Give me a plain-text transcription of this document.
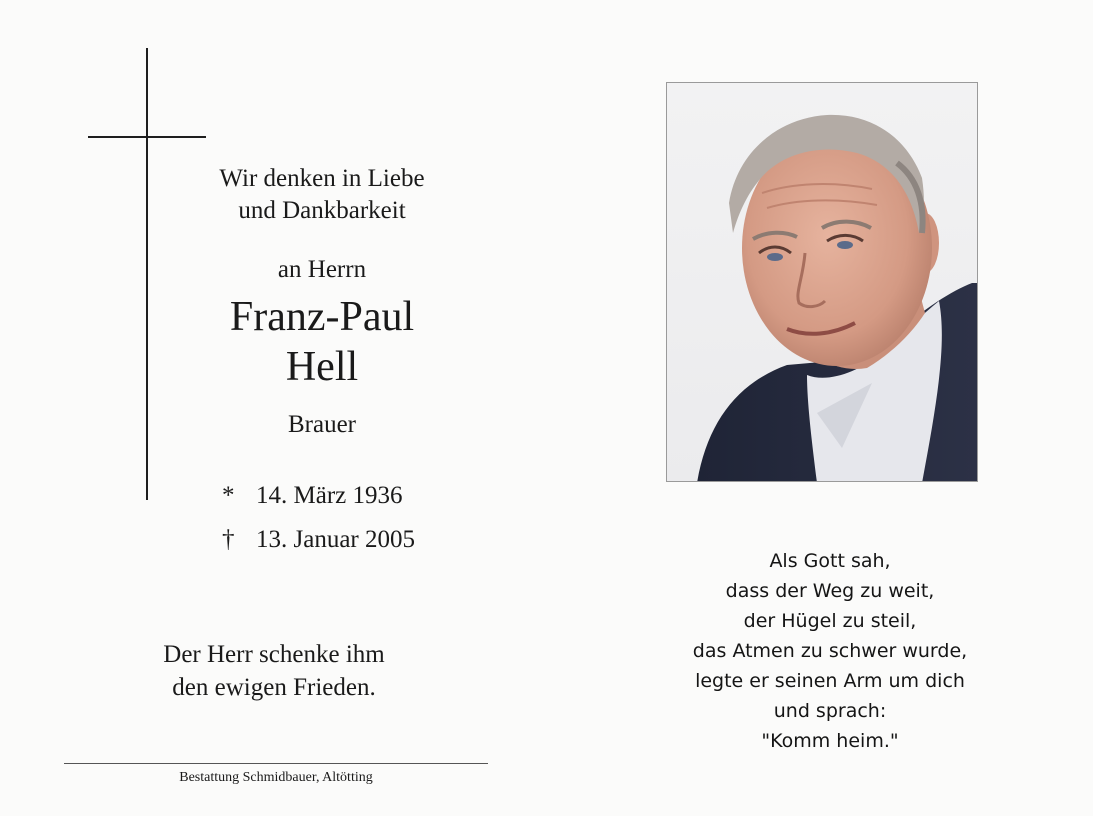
Wir denken in Liebe
und Dankbarkeit
an Herrn
Franz-Paul
Hell
Brauer
* 14. März 1936
† 13. Januar 2005
Der Herr schenke ihm
den ewigen Frieden.
Bestattung Schmidbauer, Altötting
Als Gott sah,
dass der Weg zu weit,
der Hügel zu steil,
das Atmen zu schwer wurde,
legte er seinen Arm um dich
und sprach:
"Komm heim."
